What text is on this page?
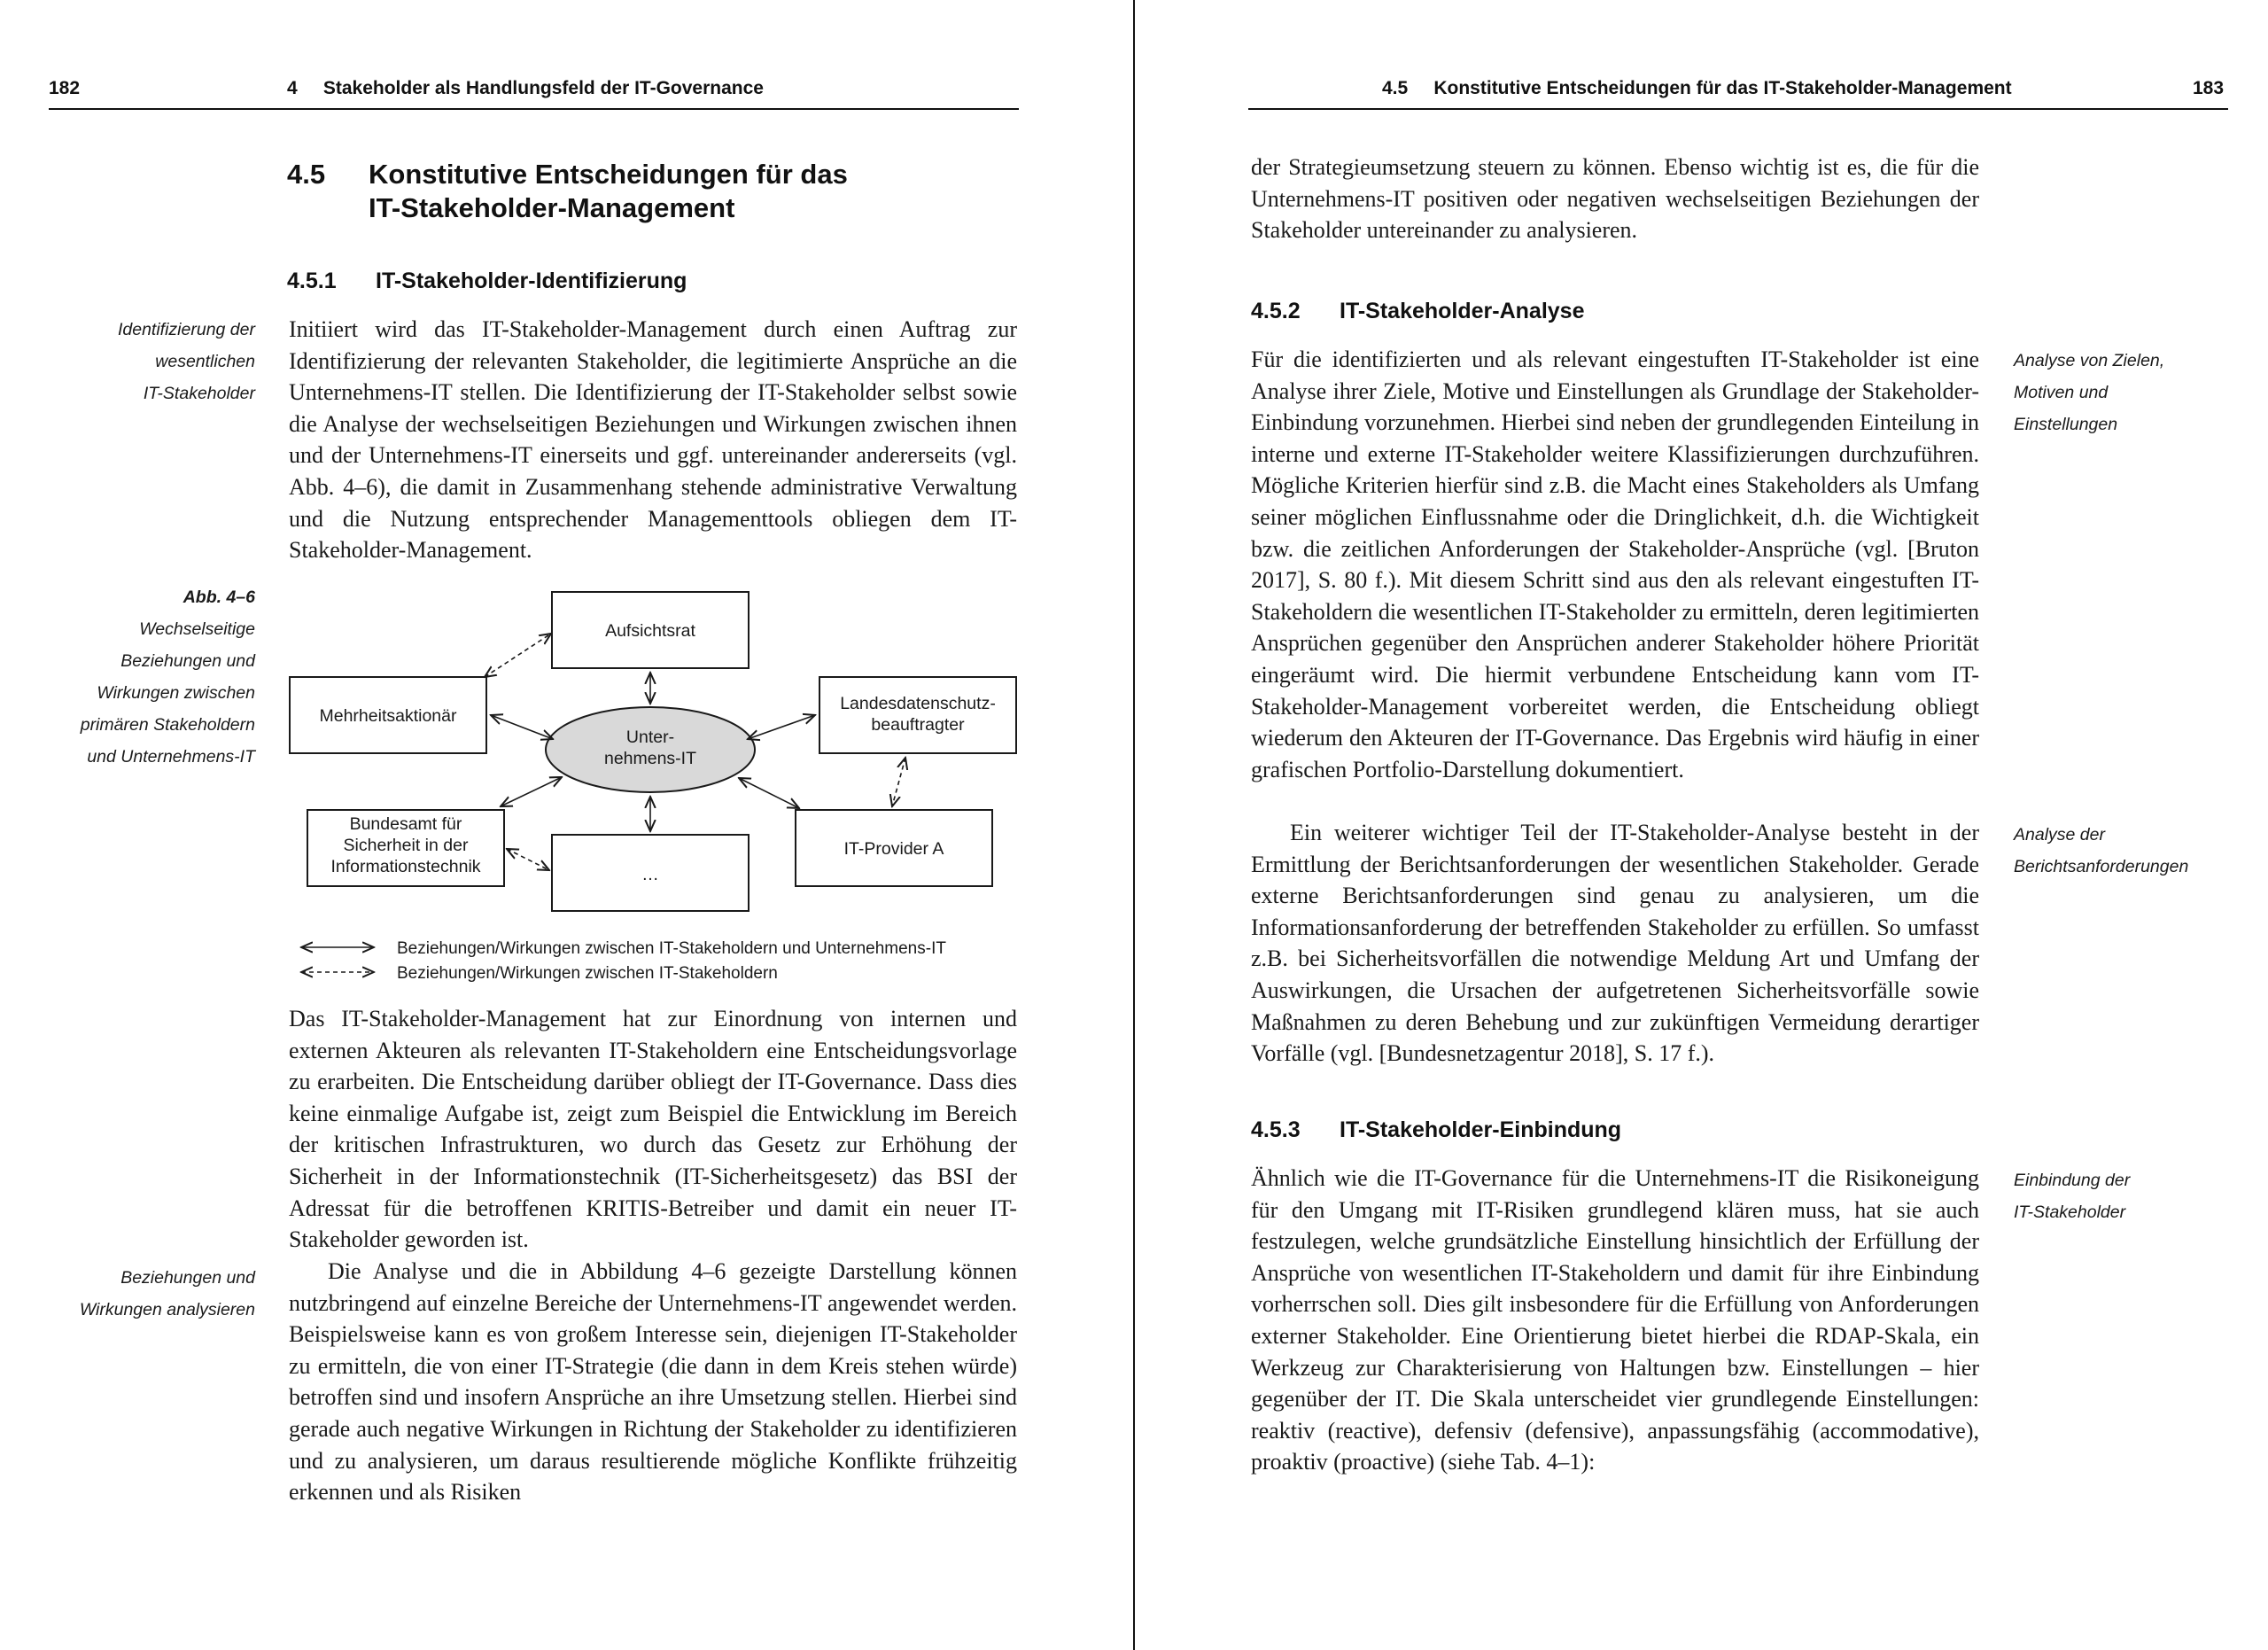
182	4     Stakeholder als Handlungsfeld der IT-Governance
4.5 Konstitutive Entscheidungen für das
IT-Stakeholder-Management
4.5.1 IT-Stakeholder-Identifizierung
Identifizierung der
wesentlichen
IT-Stakeholder
Initiiert wird das IT-Stakeholder-Management durch einen Auftrag zur Identifizierung der relevanten Stakeholder, die legitimierte Ansprüche an die Unternehmens-IT stellen. Die Identifizierung der IT-Stakeholder selbst sowie die Analyse der wechselseitigen Beziehungen und Wirkungen zwischen ihnen und der Unternehmens-IT einerseits und ggf. untereinander andererseits (vgl. Abb. 4–6), die damit in Zusammenhang stehende administrative Verwaltung und die Nutzung entsprechender Managementtools obliegen dem IT-Stakeholder-Management.
Abb. 4–6
Wechselseitige
Beziehungen und
Wirkungen zwischen
primären Stakeholdern
und Unternehmens-IT
Aufsichtsrat
Mehrheitsaktionär
Landesdatenschutz-
beauftragter
Bundesamt für
Sicherheit in der
Informationstechnik	…
IT-Provider A
Unter-
nehmens-IT
Beziehungen/Wirkungen zwischen IT-Stakeholdern und Unternehmens-IT
Beziehungen/Wirkungen zwischen IT-Stakeholdern
Das IT-Stakeholder-Management hat zur Einordnung von internen und externen Akteuren als relevanten IT-Stakeholdern eine Entscheidungsvorlage zu erarbeiten. Die Entscheidung darüber obliegt der IT-Governance. Dass dies keine einmalige Aufgabe ist, zeigt zum Beispiel die Entwicklung im Bereich der kritischen Infrastrukturen, wo durch das Gesetz zur Erhöhung der Sicherheit in der Informationstechnik (IT-Sicherheitsgesetz) das BSI der Adressat für die betroffenen KRITIS-Betreiber und damit ein neuer IT-Stakeholder geworden ist.
Beziehungen und
Wirkungen analysieren
Die Analyse und die in Abbildung 4–6 gezeigte Darstellung können nutzbringend auf einzelne Bereiche der Unternehmens-IT angewendet werden. Beispielsweise kann es von großem Interesse sein, diejenigen IT-Stakeholder zu ermitteln, die von einer IT-Strategie (die dann in dem Kreis stehen würde) betroffen sind und insofern Ansprüche an ihre Umsetzung stellen. Hierbei sind gerade auch negative Wirkungen in Richtung der Stakeholder zu identifizieren und zu analysieren, um daraus resultierende mögliche Konflikte frühzeitig erkennen und als Risiken
4.5     Konstitutive Entscheidungen für das IT-Stakeholder-Management	183
der Strategieumsetzung steuern zu können. Ebenso wichtig ist es, die für die Unternehmens-IT positiven oder negativen wechselseitigen Beziehungen der Stakeholder untereinander zu analysieren.
4.5.2 IT-Stakeholder-Analyse
Analyse von Zielen,
Motiven und
Einstellungen
Für die identifizierten und als relevant eingestuften IT-Stakeholder ist eine Analyse ihrer Ziele, Motive und Einstellungen als Grundlage der Stakeholder-Einbindung vorzunehmen. Hierbei sind neben der grundlegenden Einteilung in interne und externe IT-Stakeholder weitere Klassifizierungen durchzuführen. Mögliche Kriterien hierfür sind z.B. die Macht eines Stakeholders als Umfang seiner möglichen Einflussnahme oder die Dringlichkeit, d.h. die Wichtigkeit bzw. die zeitlichen Anforderungen der Stakeholder-Ansprüche (vgl. [Bruton 2017], S. 80 f.). Mit diesem Schritt sind aus den als relevant eingestuften IT-Stakeholdern die wesentlichen IT-Stakeholder zu ermitteln, deren legitimierten Ansprüchen gegenüber den Ansprüchen anderer Stakeholder höhere Priorität eingeräumt wird. Die hiermit verbundene Entscheidung kann vom IT-Stakeholder-Management vorbereitet werden, die Entscheidung obliegt wiederum den Akteuren der IT-Governance. Das Ergebnis wird häufig in einer grafischen Portfolio-Darstellung dokumentiert.
Analyse der
Berichtsanforderungen
Ein weiterer wichtiger Teil der IT-Stakeholder-Analyse besteht in der Ermittlung der Berichtsanforderungen der wesentlichen Stakeholder. Gerade externe Berichtsanforderungen sind genau zu analysieren, um die Informationsanforderung der betreffenden Stakeholder zu erfüllen. So umfasst z.B. bei Sicherheitsvorfällen die notwendige Meldung Art und Umfang der Auswirkungen, die Ursachen der aufgetretenen Sicherheitsvorfälle sowie Maßnahmen zu deren Behebung und zur zukünftigen Vermeidung derartiger Vorfälle (vgl. [Bundesnetzagentur 2018], S. 17 f.).
4.5.3 IT-Stakeholder-Einbindung
Einbindung der
IT-Stakeholder
Ähnlich wie die IT-Governance für die Unternehmens-IT die Risikoneigung für den Umgang mit IT-Risiken grundlegend klären muss, hat sie auch festzulegen, welche grundsätzliche Einstellung hinsichtlich der Erfüllung der Ansprüche von wesentlichen IT-Stakeholdern und damit für ihre Einbindung vorherrschen soll. Dies gilt insbesondere für die Erfüllung von Anforderungen externer Stakeholder. Eine Orientierung bietet hierbei die RDAP-Skala, ein Werkzeug zur Charakterisierung von Haltungen bzw. Einstellungen – hier gegenüber der IT. Die Skala unterscheidet vier grundlegende Einstellungen: reaktiv (reactive), defensiv (defensive), anpassungsfähig (accommodative), proaktiv (proactive) (siehe Tab. 4–1):
